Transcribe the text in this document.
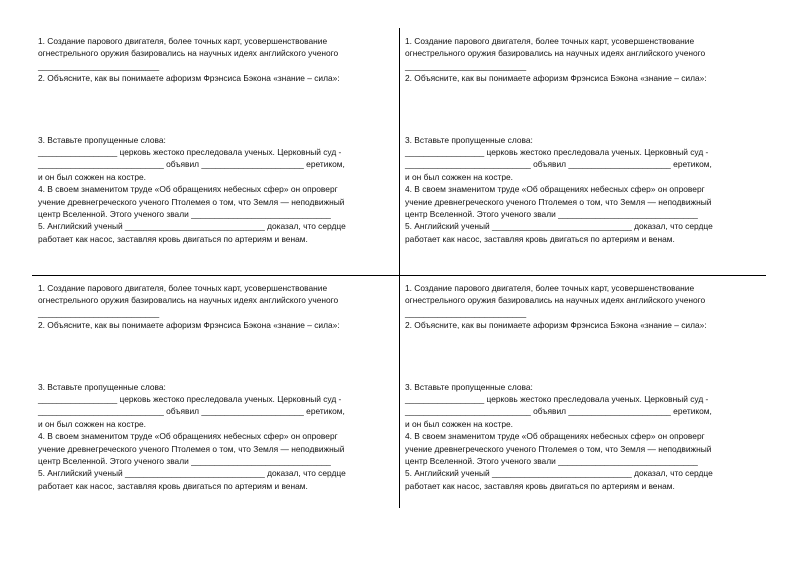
1. Создание парового двигателя, более точных карт, усовершенствование

огнестрельного оружия базировались на научных идеях английского ученого

__________________________

2. Объясните, как вы понимаете афоризм Фрэнсиса Бэкона «знание – сила»:

3. Вставьте пропущенные слова:

_________________ церковь жестоко преследовала ученых. Церковный суд -

___________________________ объявил ______________________ еретиком,

и он был сожжен на костре.

4. В своем знаменитом труде «Об обращениях небесных сфер» он опроверг

учение древнегреческого ученого Птолемея о том, что Земля — неподвижный

центр Вселенной. Этого ученого звали ______________________________

5. Английский ученый ______________________________ доказал, что сердце

работает как насос, заставляя кровь двигаться по артериям и венам.

1. Создание парового двигателя, более точных карт, усовершенствование

огнестрельного оружия базировались на научных идеях английского ученого

__________________________

2. Объясните, как вы понимаете афоризм Фрэнсиса Бэкона «знание – сила»:

3. Вставьте пропущенные слова:

_________________ церковь жестоко преследовала ученых. Церковный суд -

___________________________ объявил ______________________ еретиком,

и он был сожжен на костре.

4. В своем знаменитом труде «Об обращениях небесных сфер» он опроверг

учение древнегреческого ученого Птолемея о том, что Земля — неподвижный

центр Вселенной. Этого ученого звали ______________________________

5. Английский ученый ______________________________ доказал, что сердце

работает как насос, заставляя кровь двигаться по артериям и венам.

1. Создание парового двигателя, более точных карт, усовершенствование

огнестрельного оружия базировались на научных идеях английского ученого

__________________________

2. Объясните, как вы понимаете афоризм Фрэнсиса Бэкона «знание – сила»:

3. Вставьте пропущенные слова:

_________________ церковь жестоко преследовала ученых. Церковный суд -

___________________________ объявил ______________________ еретиком,

и он был сожжен на костре.

4. В своем знаменитом труде «Об обращениях небесных сфер» он опроверг

учение древнегреческого ученого Птолемея о том, что Земля — неподвижный

центр Вселенной. Этого ученого звали ______________________________

5. Английский ученый ______________________________ доказал, что сердце

работает как насос, заставляя кровь двигаться по артериям и венам.

1. Создание парового двигателя, более точных карт, усовершенствование

огнестрельного оружия базировались на научных идеях английского ученого

__________________________

2. Объясните, как вы понимаете афоризм Фрэнсиса Бэкона «знание – сила»:

3. Вставьте пропущенные слова:

_________________ церковь жестоко преследовала ученых. Церковный суд -

___________________________ объявил ______________________ еретиком,

и он был сожжен на костре.

4. В своем знаменитом труде «Об обращениях небесных сфер» он опроверг

учение древнегреческого ученого Птолемея о том, что Земля — неподвижный

центр Вселенной. Этого ученого звали ______________________________

5. Английский ученый ______________________________ доказал, что сердце

работает как насос, заставляя кровь двигаться по артериям и венам.
